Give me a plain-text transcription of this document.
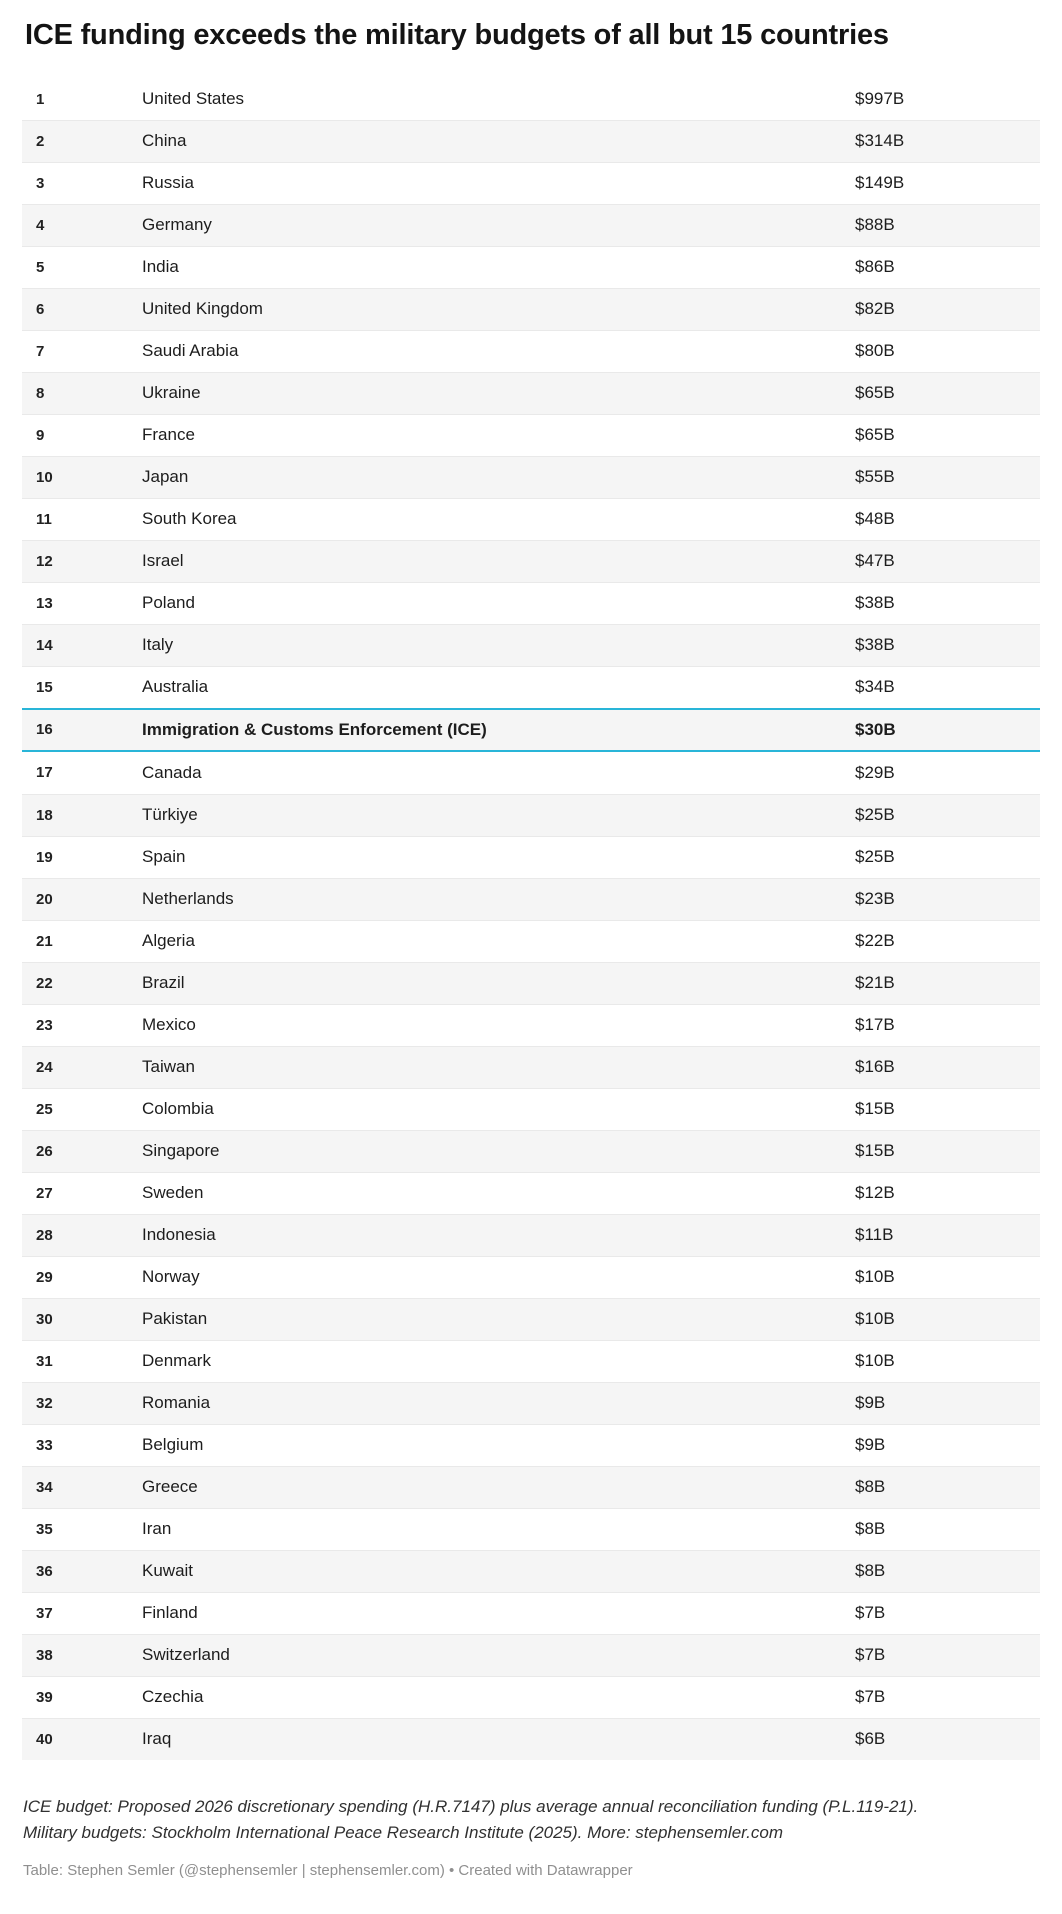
ICE funding exceeds the military budgets of all but 15 countries
1	United States	$997B
2	China	$314B
3	Russia	$149B
4	Germany	$88B
5	India	$86B
6	United Kingdom	$82B
7	Saudi Arabia	$80B
8	Ukraine	$65B
9	France	$65B
10	Japan	$55B
11	South Korea	$48B
12	Israel	$47B
13	Poland	$38B
14	Italy	$38B
15	Australia	$34B
16	Immigration & Customs Enforcement (ICE)	$30B
17	Canada	$29B
18	Türkiye	$25B
19	Spain	$25B
20	Netherlands	$23B
21	Algeria	$22B
22	Brazil	$21B
23	Mexico	$17B
24	Taiwan	$16B
25	Colombia	$15B
26	Singapore	$15B
27	Sweden	$12B
28	Indonesia	$11B
29	Norway	$10B
30	Pakistan	$10B
31	Denmark	$10B
32	Romania	$9B
33	Belgium	$9B
34	Greece	$8B
35	Iran	$8B
36	Kuwait	$8B
37	Finland	$7B
38	Switzerland	$7B
39	Czechia	$7B
40	Iraq	$6B

ICE budget: Proposed 2026 discretionary spending (H.R.7147) plus average annual reconciliation funding (P.L.119-21).
Military budgets: Stockholm International Peace Research Institute (2025). More: stephensemler.com

Table: Stephen Semler (@stephensemler | stephensemler.com) • Created with Datawrapper
